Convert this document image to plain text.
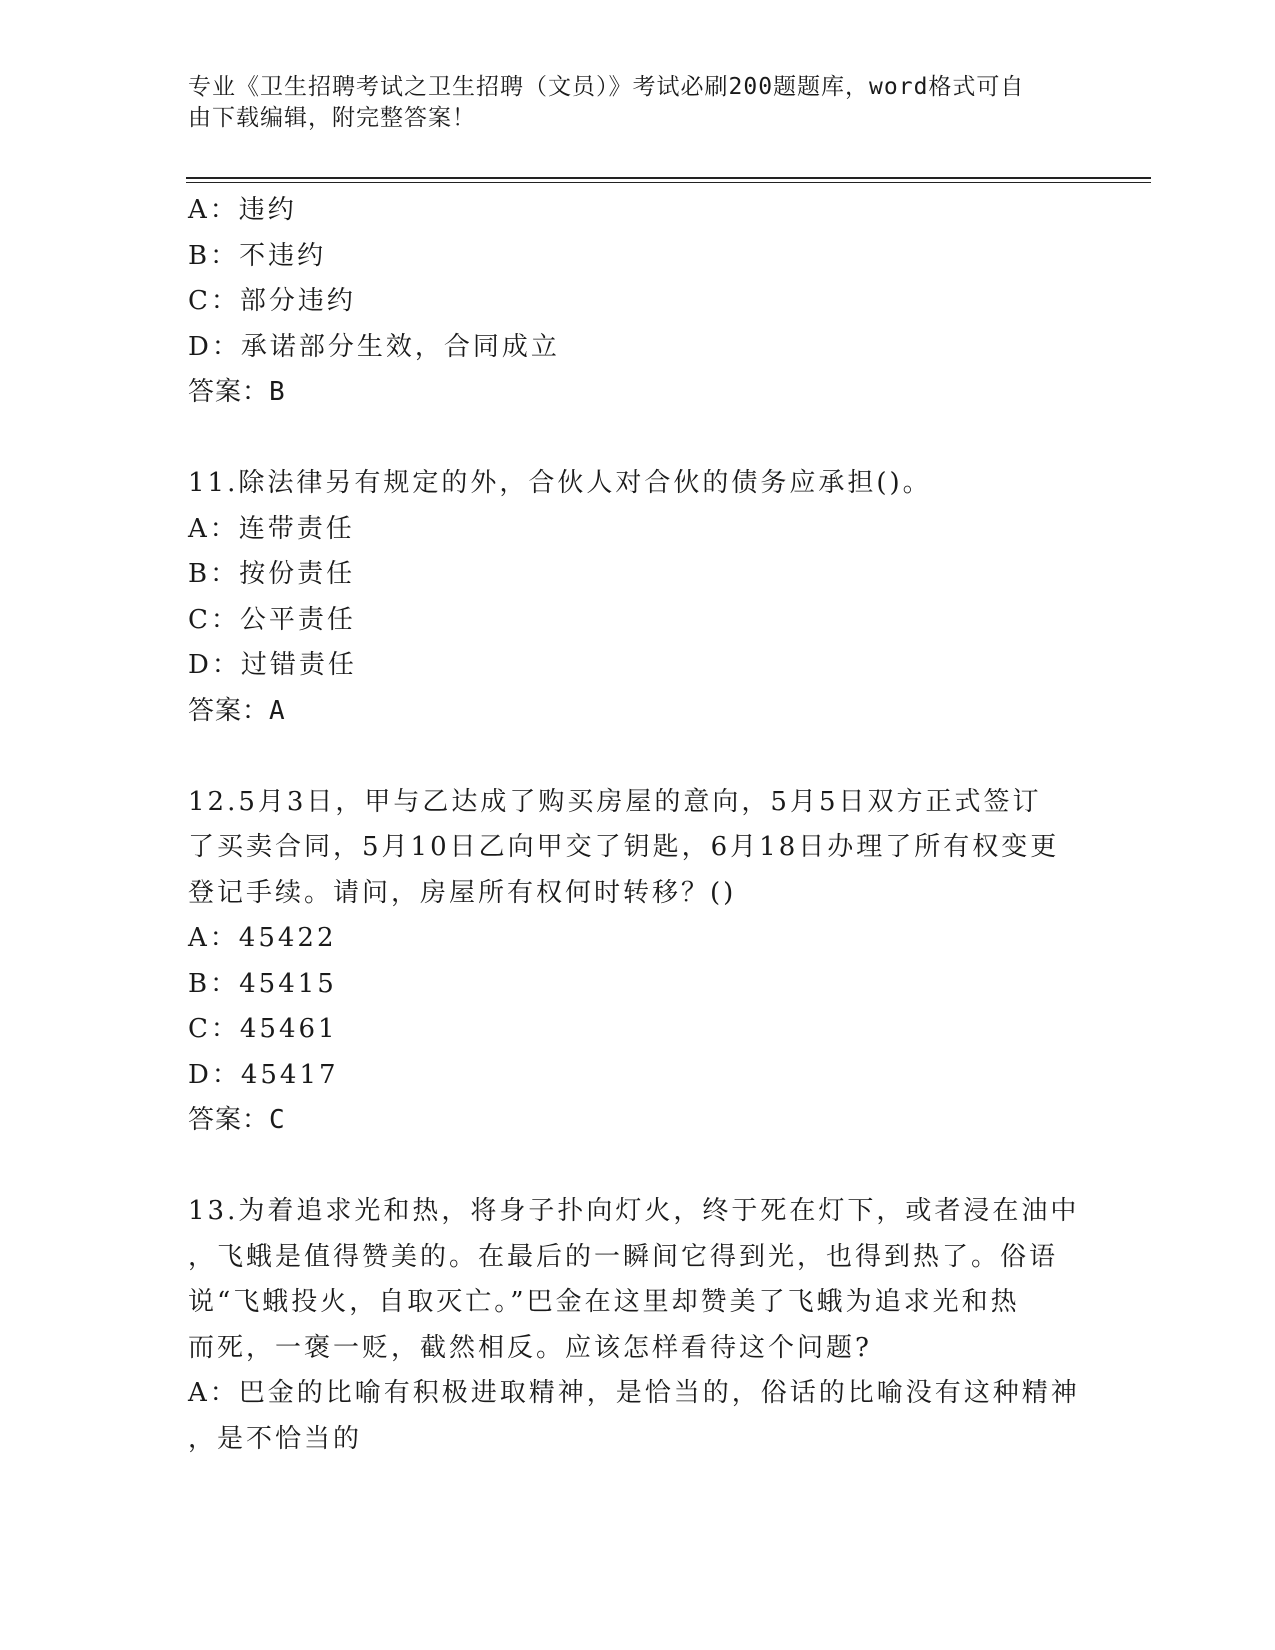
专业《卫生招聘考试之卫生招聘（文员）》考试必刷200题题库，word格式可自
由下载编辑，附完整答案！
A：违约
B：不违约
C：部分违约
D：承诺部分生效，合同成立
答案：B
11.除法律另有规定的外，合伙人对合伙的债务应承担()。
A：连带责任
B：按份责任
C：公平责任
D：过错责任
答案：A
12.5月3日，甲与乙达成了购买房屋的意向，5月5日双方正式签订
了买卖合同，5月10日乙向甲交了钥匙，6月18日办理了所有权变更
登记手续。请问，房屋所有权何时转移？()
A：45422
B：45415
C：45461
D：45417
答案：C
13.为着追求光和热，将身子扑向灯火，终于死在灯下，或者浸在油中
，飞蛾是值得赞美的。在最后的一瞬间它得到光，也得到热了。俗语
说“飞蛾投火，自取灭亡。”巴金在这里却赞美了飞蛾为追求光和热
而死，一褒一贬，截然相反。应该怎样看待这个问题?
A：巴金的比喻有积极进取精神，是恰当的，俗话的比喻没有这种精神
，是不恰当的
